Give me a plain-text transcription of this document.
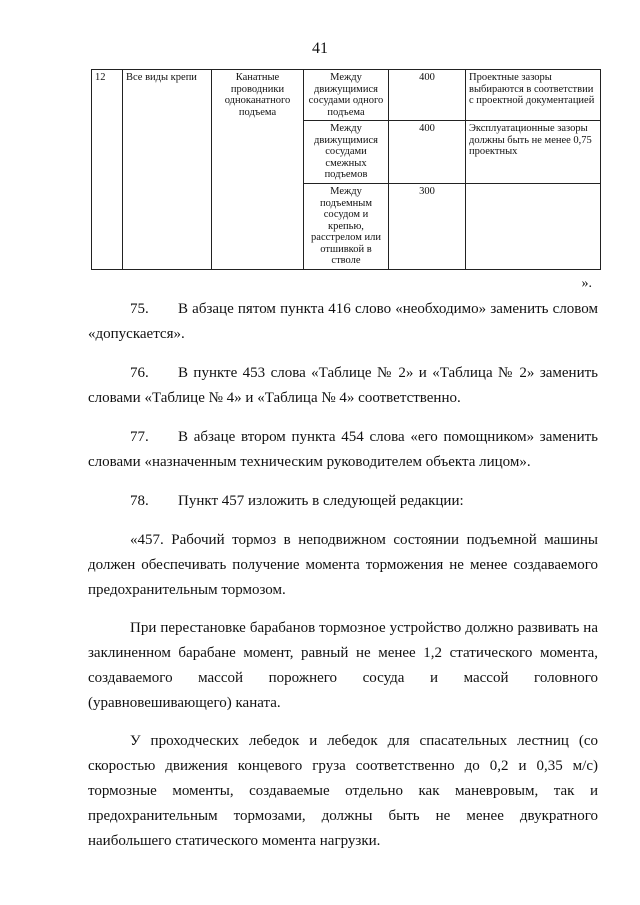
41
12	Все виды крепи	Канатные проводники одноканатного подъема	Между движущимися сосудами одного подъема	400	Проектные зазоры выбираются в соответствии с проектной документацией
			Между движущимися сосудами смежных подъемов	400	Эксплуатационные зазоры должны быть не менее 0,75 проектных
			Между подъемным сосудом и крепью, расстрелом или отшивкой в стволе	300	
».

75. В абзаце пятом пункта 416 слово «необходимо» заменить словом «допускается».

76. В пункте 453 слова «Таблице № 2» и «Таблица № 2» заменить словами «Таблице № 4» и «Таблица № 4» соответственно.

77. В абзаце втором пункта 454 слова «его помощником» заменить словами «назначенным техническим руководителем объекта лицом».

78. Пункт 457 изложить в следующей редакции:

«457. Рабочий тормоз в неподвижном состоянии подъемной машины должен обеспечивать получение момента торможения не менее создаваемого предохранительным тормозом.

При перестановке барабанов тормозное устройство должно развивать на заклиненном барабане момент, равный не менее 1,2 статического момента, создаваемого массой порожнего сосуда и массой головного (уравновешивающего) каната.

У проходческих лебедок и лебедок для спасательных лестниц (со скоростью движения концевого груза соответственно до 0,2 и 0,35 м/с) тормозные моменты, создаваемые отдельно как маневровым, так и предохранительным тормозами, должны быть не менее двукратного наибольшего статического момента нагрузки.
